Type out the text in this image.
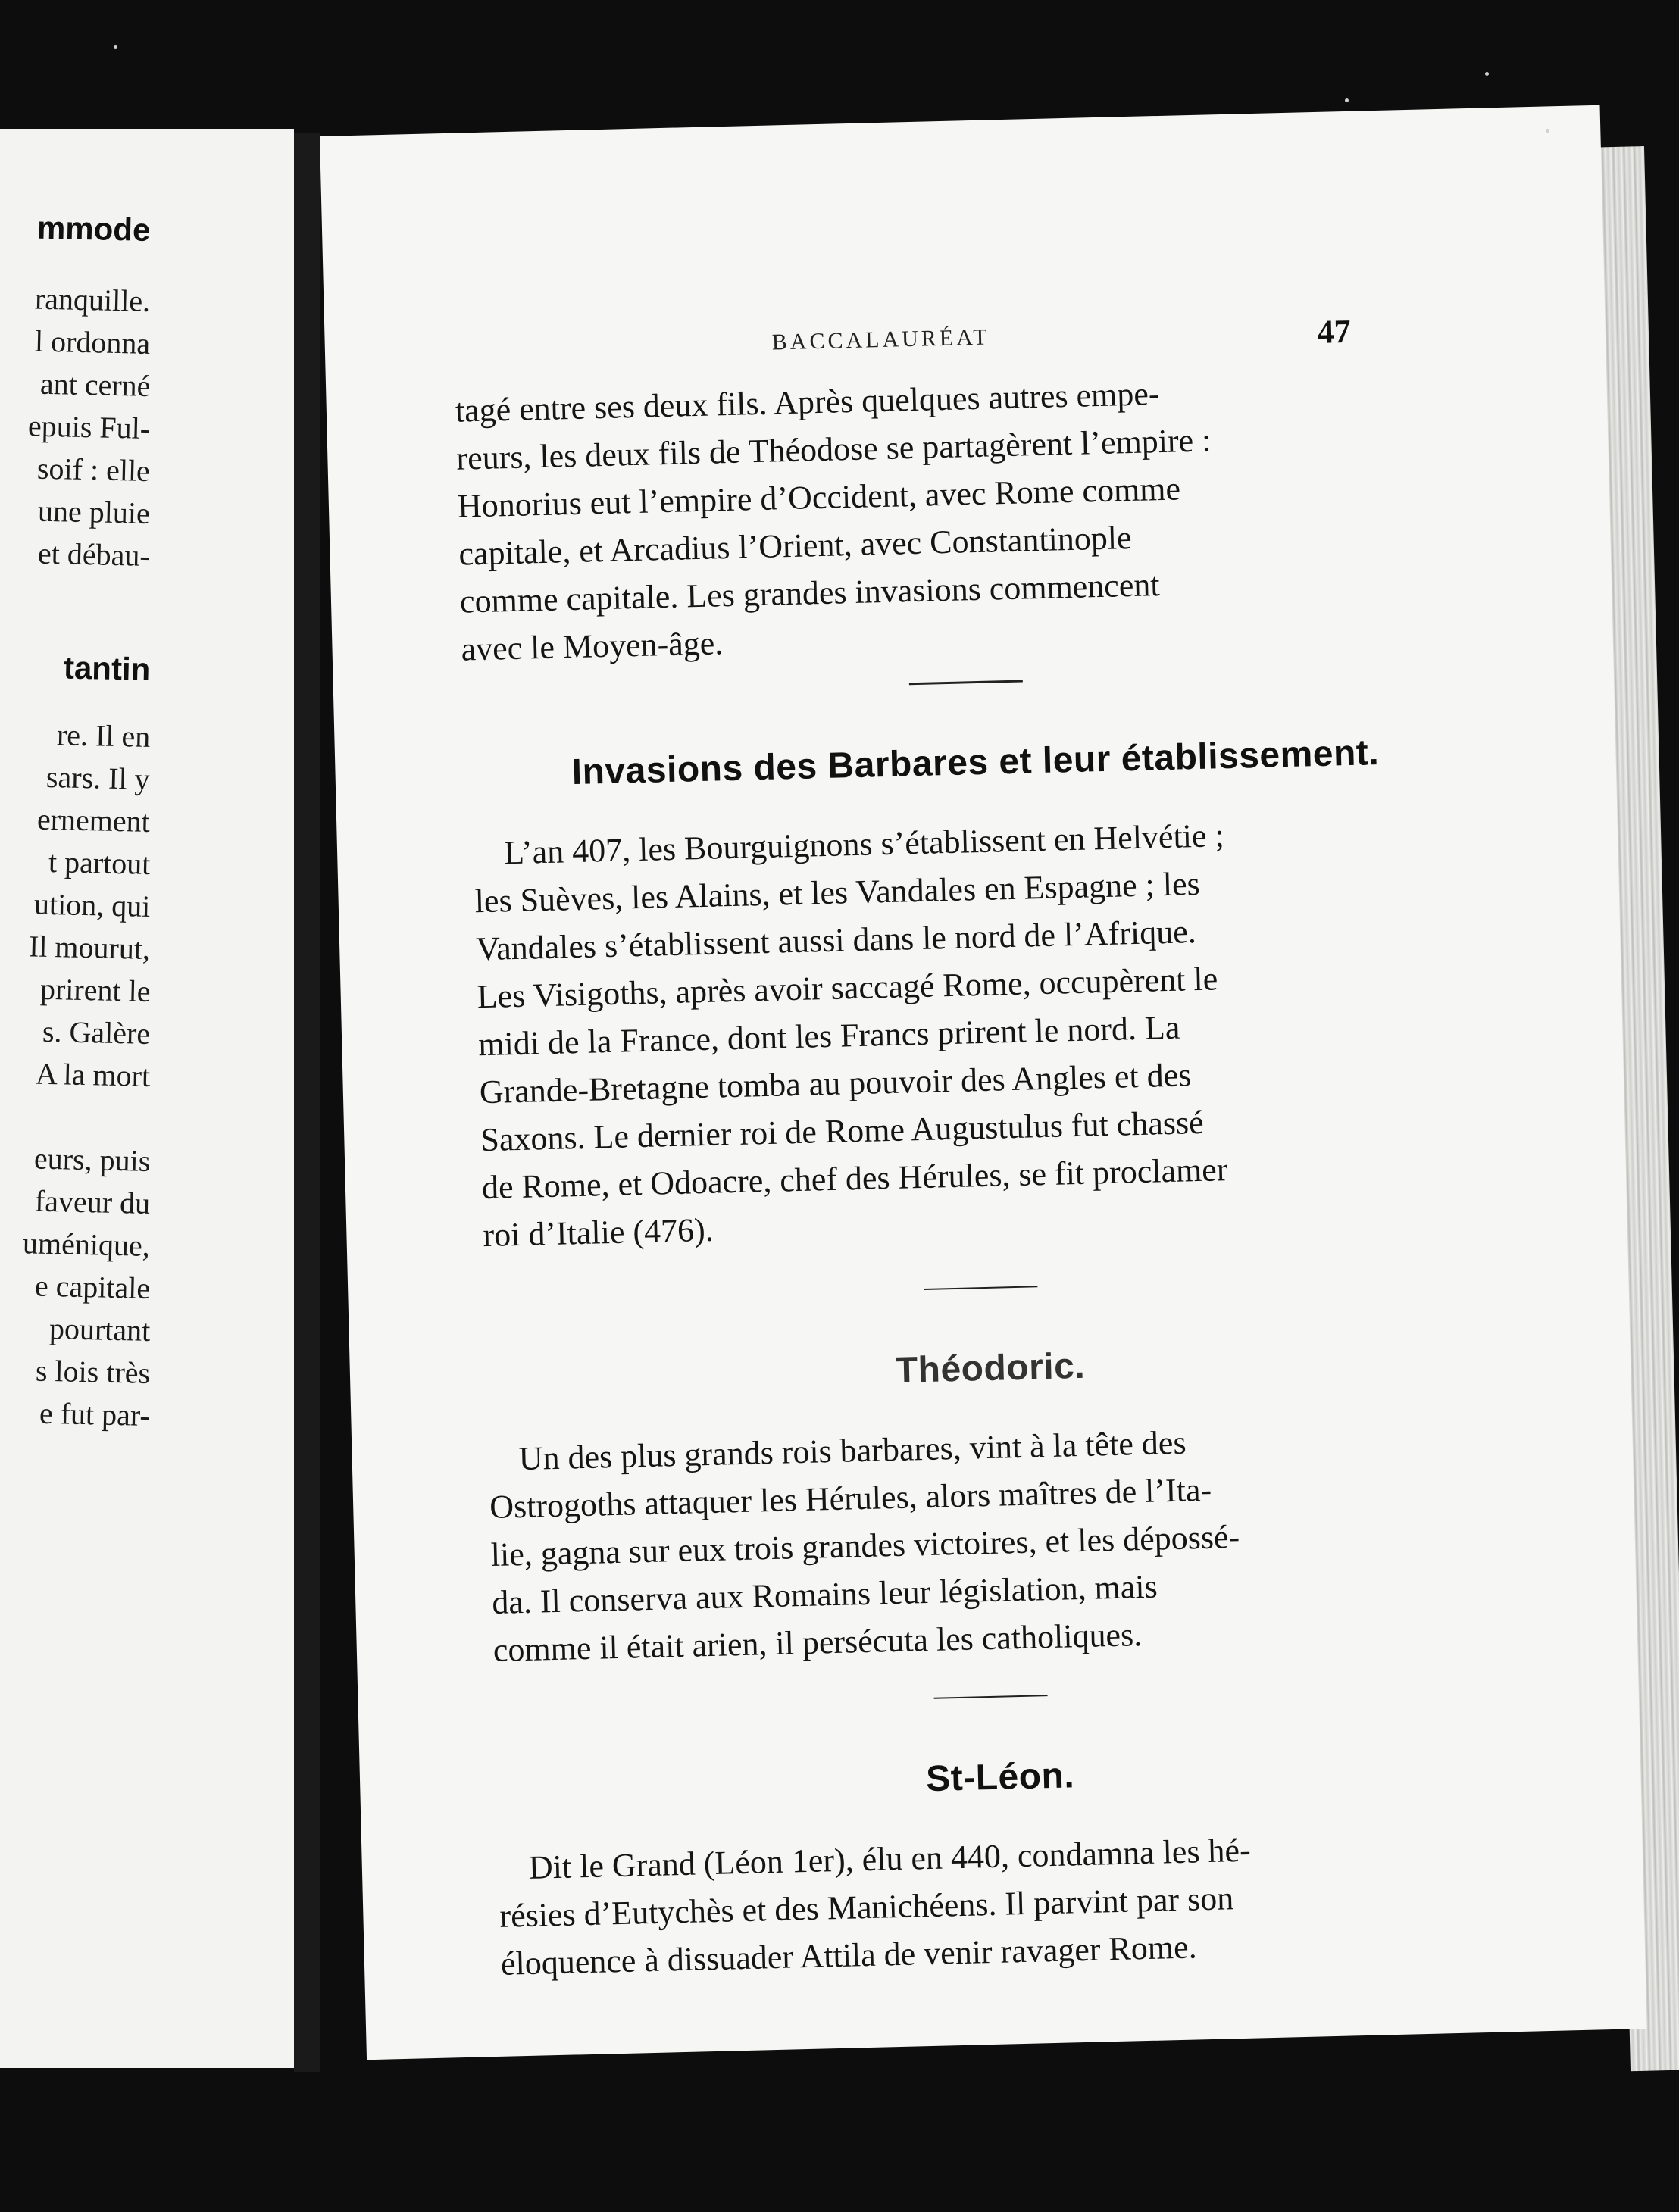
mmode
ranquille.
l ordonna
ant cerné
epuis Ful-
soif : elle
une pluie
et débau-
tantin
re. Il en
sars. Il y
ernement
t partout
ution, qui
Il mourut,
prirent le
s. Galère
A la mort
eurs, puis
faveur du
uménique,
e capitale
pourtant
s lois très
e fut par-
BACCALAURÉAT	47
tagé entre ses deux fils. Après quelques autres empe-
reurs, les deux fils de Théodose se partagèrent l’empire :
Honorius eut l’empire d’Occident, avec Rome comme
capitale, et Arcadius l’Orient, avec Constantinople
comme capitale. Les grandes invasions commencent
avec le Moyen-âge.
Invasions des Barbares et leur établissement.
L’an 407, les Bourguignons s’établissent en Helvétie ;
les Suèves, les Alains, et les Vandales en Espagne ; les
Vandales s’établissent aussi dans le nord de l’Afrique.
Les Visigoths, après avoir saccagé Rome, occupèrent le
midi de la France, dont les Francs prirent le nord. La
Grande-Bretagne tomba au pouvoir des Angles et des
Saxons. Le dernier roi de Rome Augustulus fut chassé
de Rome, et Odoacre, chef des Hérules, se fit proclamer
roi d’Italie (476).
Théodoric.
Un des plus grands rois barbares, vint à la tête des
Ostrogoths attaquer les Hérules, alors maîtres de l’Ita-
lie, gagna sur eux trois grandes victoires, et les dépossé-
da. Il conserva aux Romains leur législation, mais
comme il était arien, il persécuta les catholiques.
St-Léon.
Dit le Grand (Léon 1er), élu en 440, condamna les hé-
résies d’Eutychès et des Manichéens. Il parvint par son
éloquence à dissuader Attila de venir ravager Rome.
